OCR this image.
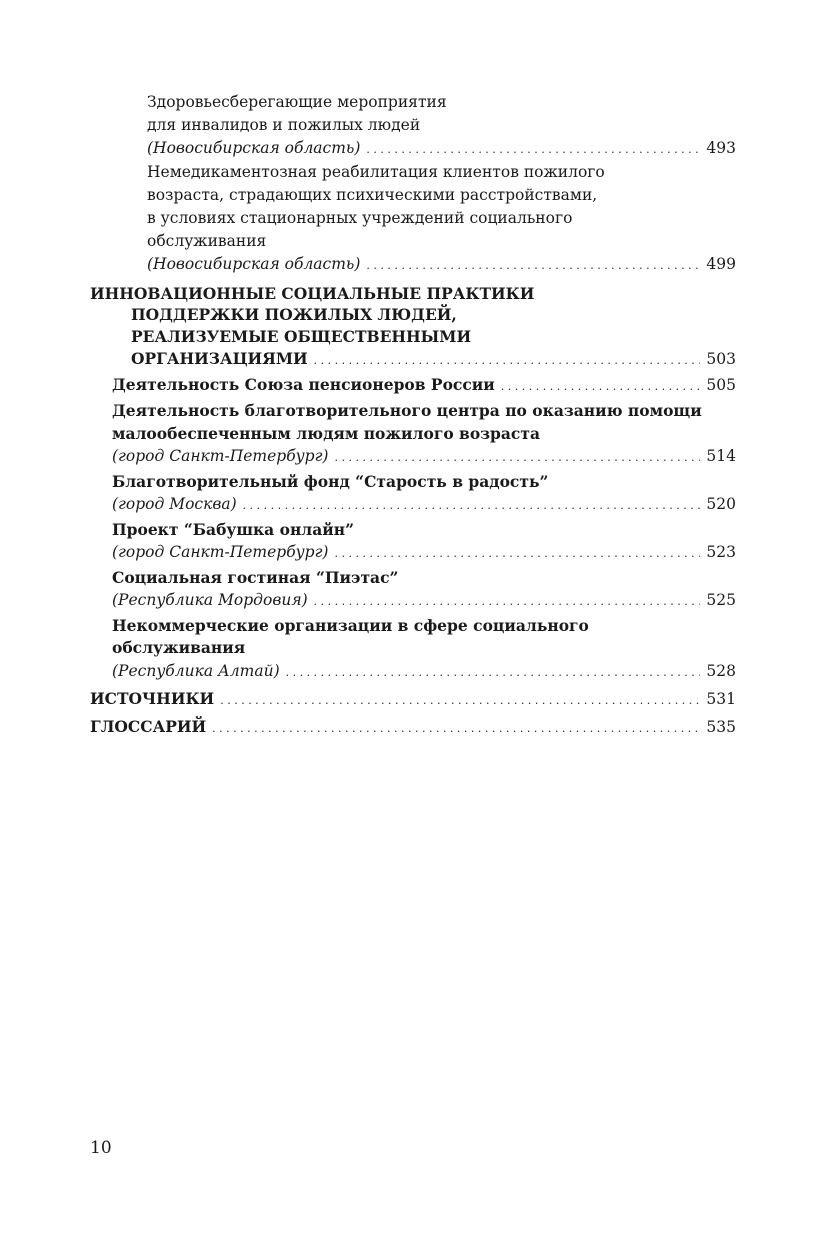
Здоровьесберегающие мероприятия
для инвалидов и пожилых людей
(Новосибирская область) . . .	493
Немедикаментозная реабилитация клиентов пожилого
возраста, страдающих психическими расстройствами,
в условиях стационарных учреждений социального
обслуживания
(Новосибирская область) . . .	499
ИННОВАЦИОННЫЕ СОЦИАЛЬНЫЕ ПРАКТИКИ
ПОДДЕРЖКИ ПОЖИЛЫХ ЛЮДЕЙ,
РЕАЛИЗУЕМЫЕ ОБЩЕСТВЕННЫМИ
ОРГАНИЗАЦИЯМИ . . .	503
Деятельность Союза пенсионеров России . . .	505
Деятельность благотворительного центра по оказанию помощи
малообеспеченным людям пожилого возраста
(город Санкт-Петербург) . . .	514
Благотворительный фонд “Старость в радость”
(город Москва) . . .	520
Проект “Бабушка онлайн”
(город Санкт-Петербург) . . .	523
Социальная гостиная “Пиэтас”
(Республика Мордовия) . . .	525
Некоммерческие организации в сфере социального
обслуживания
(Республика Алтай) . . .	528
ИСТОЧНИКИ . . .	531
ГЛОССАРИЙ . . .	535
10
